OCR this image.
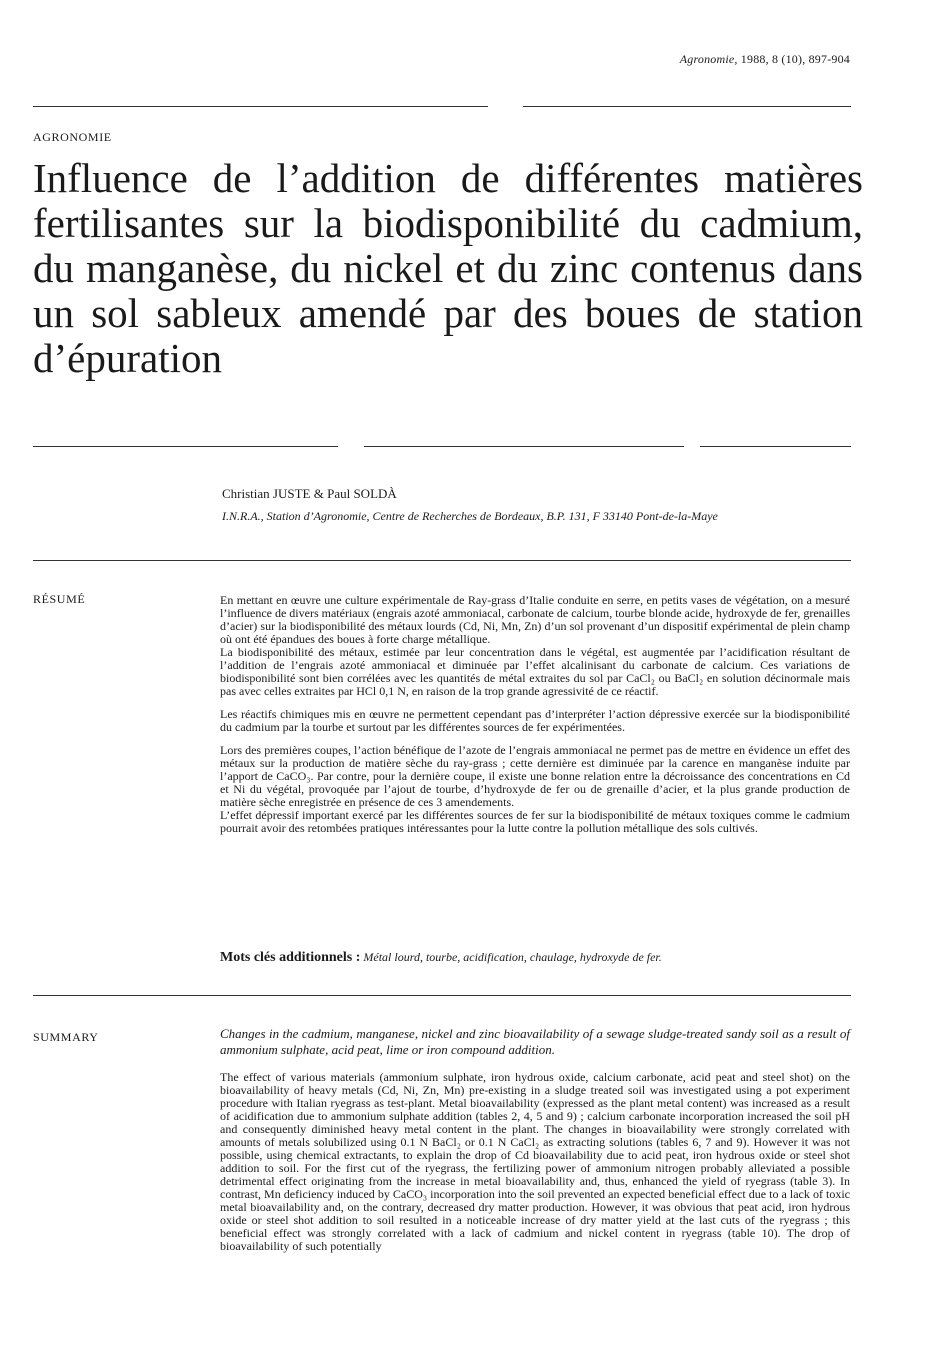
Agronomie, 1988, 8 (10), 897-904
AGRONOMIE
Influence de l’addition de différentes matières fertilisantes sur la biodisponibilité du cadmium, du manganèse, du nickel et du zinc contenus dans un sol sableux amendé par des boues de station d’épuration
Christian JUSTE & Paul SOLDÀ
I.N.R.A., Station d’Agronomie, Centre de Recherches de Bordeaux, B.P. 131, F 33140 Pont-de-la-Maye
RÉSUMÉ	En mettant en œuvre une culture expérimentale de Ray-grass d’Italie conduite en serre, en petits vases de végétation, on a mesuré l’influence de divers matériaux (engrais azoté ammoniacal, carbonate de calcium, tourbe blonde acide, hydroxyde de fer, grenailles d’acier) sur la biodisponibilité des métaux lourds (Cd, Ni, Mn, Zn) d’un sol provenant d’un dispositif expérimental de plein champ où ont été épandues des boues à forte charge métallique.

La biodisponibilité des métaux, estimée par leur concentration dans le végétal, est augmentée par l’acidification résultant de l’addition de l’engrais azoté ammoniacal et diminuée par l’effet alcalinisant du carbonate de calcium. Ces variations de biodisponibilité sont bien corrélées avec les quantités de métal extraites du sol par CaCl₂ ou BaCl₂ en solution décinormale mais pas avec celles extraites par HCl 0,1 N, en raison de la trop grande agressivité de ce réactif.

Les réactifs chimiques mis en œuvre ne permettent cependant pas d’interpréter l’action dépressive exercée sur la biodisponibilité du cadmium par la tourbe et surtout par les différentes sources de fer expérimentées.

Lors des premières coupes, l’action bénéfique de l’azote de l’engrais ammoniacal ne permet pas de mettre en évidence un effet des métaux sur la production de matière sèche du ray-grass ; cette dernière est diminuée par la carence en manganèse induite par l’apport de CaCO₃. Par contre, pour la dernière coupe, il existe une bonne relation entre la décroissance des concentrations en Cd et Ni du végétal, provoquée par l’ajout de tourbe, d’hydroxyde de fer ou de grenaille d’acier, et la plus grande production de matière sèche enregistrée en présence de ces 3 amendements.

L’effet dépressif important exercé par les différentes sources de fer sur la biodisponibilité de métaux toxiques comme le cadmium pourrait avoir des retombées pratiques intéressantes pour la lutte contre la pollution métallique des sols cultivés.

Mots clés additionnels : Métal lourd, tourbe, acidification, chaulage, hydroxyde de fer.
SUMMARY	Changes in the cadmium, manganese, nickel and zinc bioavailability of a sewage sludge-treated sandy soil as a result of ammonium sulphate, acid peat, lime or iron compound addition.

The effect of various materials (ammonium sulphate, iron hydrous oxide, calcium carbonate, acid peat and steel shot) on the bioavailability of heavy metals (Cd, Ni, Zn, Mn) pre-existing in a sludge treated soil was investigated using a pot experiment procedure with Italian ryegrass as test-plant. Metal bioavailability (expressed as the plant metal content) was increased as a result of acidification due to ammonium sulphate addition (tables 2, 4, 5 and 9) ; calcium carbonate incorporation increased the soil pH and consequently diminished heavy metal content in the plant. The changes in bioavailability were strongly correlated with amounts of metals solubilized using 0.1 N BaCl₂ or 0.1 N CaCl₂ as extracting solutions (tables 6, 7 and 9). However it was not possible, using chemical extractants, to explain the drop of Cd bioavailability due to acid peat, iron hydrous oxide or steel shot addition to soil. For the first cut of the ryegrass, the fertilizing power of ammonium nitrogen probably alleviated a possible detrimental effect originating from the increase in metal bioavailability and, thus, enhanced the yield of ryegrass (table 3). In contrast, Mn deficiency induced by CaCO₃ incorporation into the soil prevented an expected beneficial effect due to a lack of toxic metal bioavailability and, on the contrary, decreased dry matter production. However, it was obvious that peat acid, iron hydrous oxide or steel shot addition to soil resulted in a noticeable increase of dry matter yield at the last cuts of the ryegrass ; this beneficial effect was strongly correlated with a lack of cadmium and nickel content in ryegrass (table 10). The drop of bioavailability of such potentially
